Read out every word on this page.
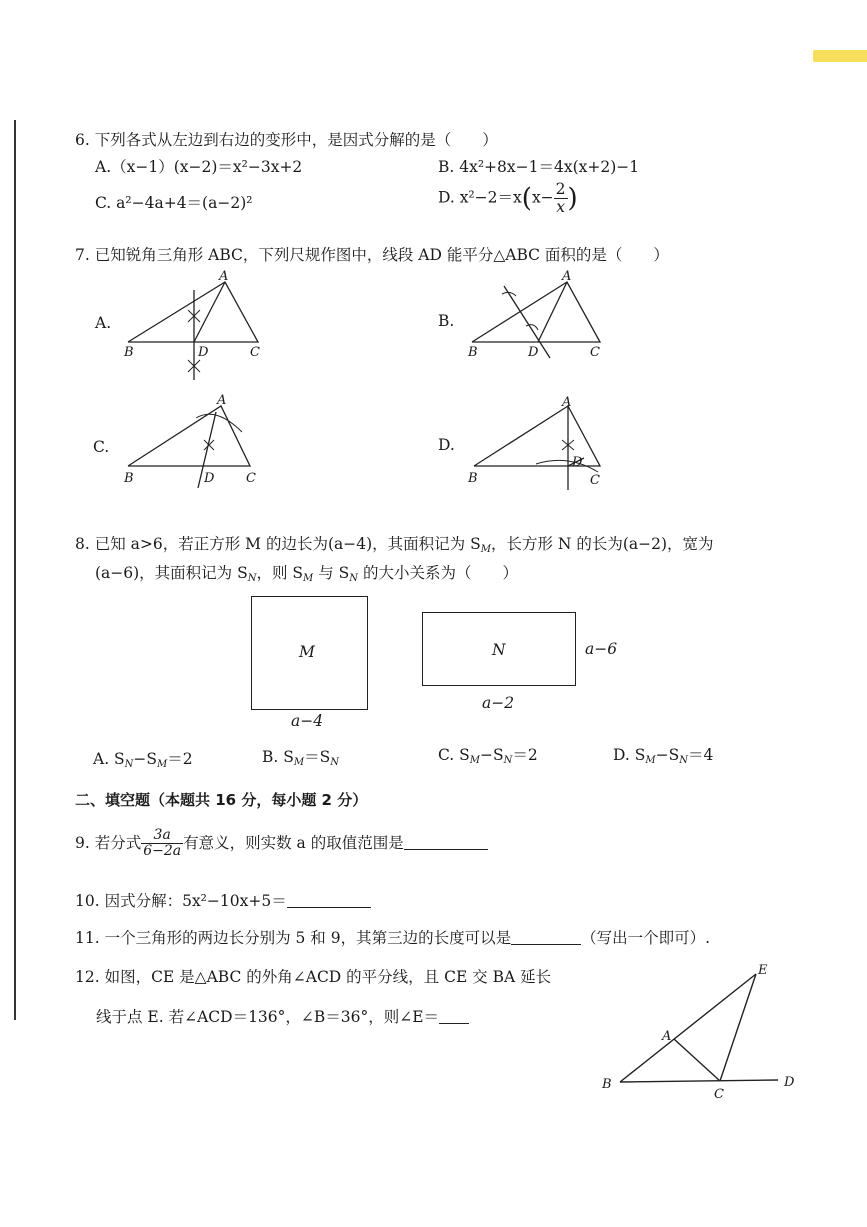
6. 下列各式从左边到右边的变形中，是因式分解的是（　　）
A.（x−1）(x−2)＝x²−3x+2	B. 4x²+8x−1＝4x(x+2)−1
C. a²−4a+4＝(a−2)²	D. $x^2-2=x(x- \frac{2}{x}$ )
7. 已知锐角三角形 ABC，下列尺规作图中，线段 AD 能平分△ABC 面积的是（　　）
A.
A
B	D	C
B.
A
B	D	C
C.
A
B	D C
D.
A
B
D
C
8. 已知 a>6，若正方形 M 的边长为(a−4)，其面积记为 $S_M$，长方形 N 的长为(a−2)，宽为
(a−6)，其面积记为 $S_N$，则 $S_M$ 与 $S_N$ 的大小关系为（　　）
M
a−4
N	a−6
a−2
A. $S_N-S_M=2$	B. $S_M=S_N$	C. $S_M-S_N=2$	D. $S_M-S_N=4$
二、填空题（本题共 16 分，每小题 2 分）
9. 若分式 $\frac{3a}{6-2a}$ 有意义，则实数 a 的取值范围是
10. 因式分解：5x²−10x+5＝
11. 一个三角形的两边长分别为 5 和 9，其第三边的长度可以是	（写出一个即可）.
12. 如图，CE 是△ABC 的外角∠ACD 的平分线，且 CE 交 BA 延长
线于点 E. 若∠ACD＝136°，∠B＝36°，则∠E＝
E
A
B
C
D
